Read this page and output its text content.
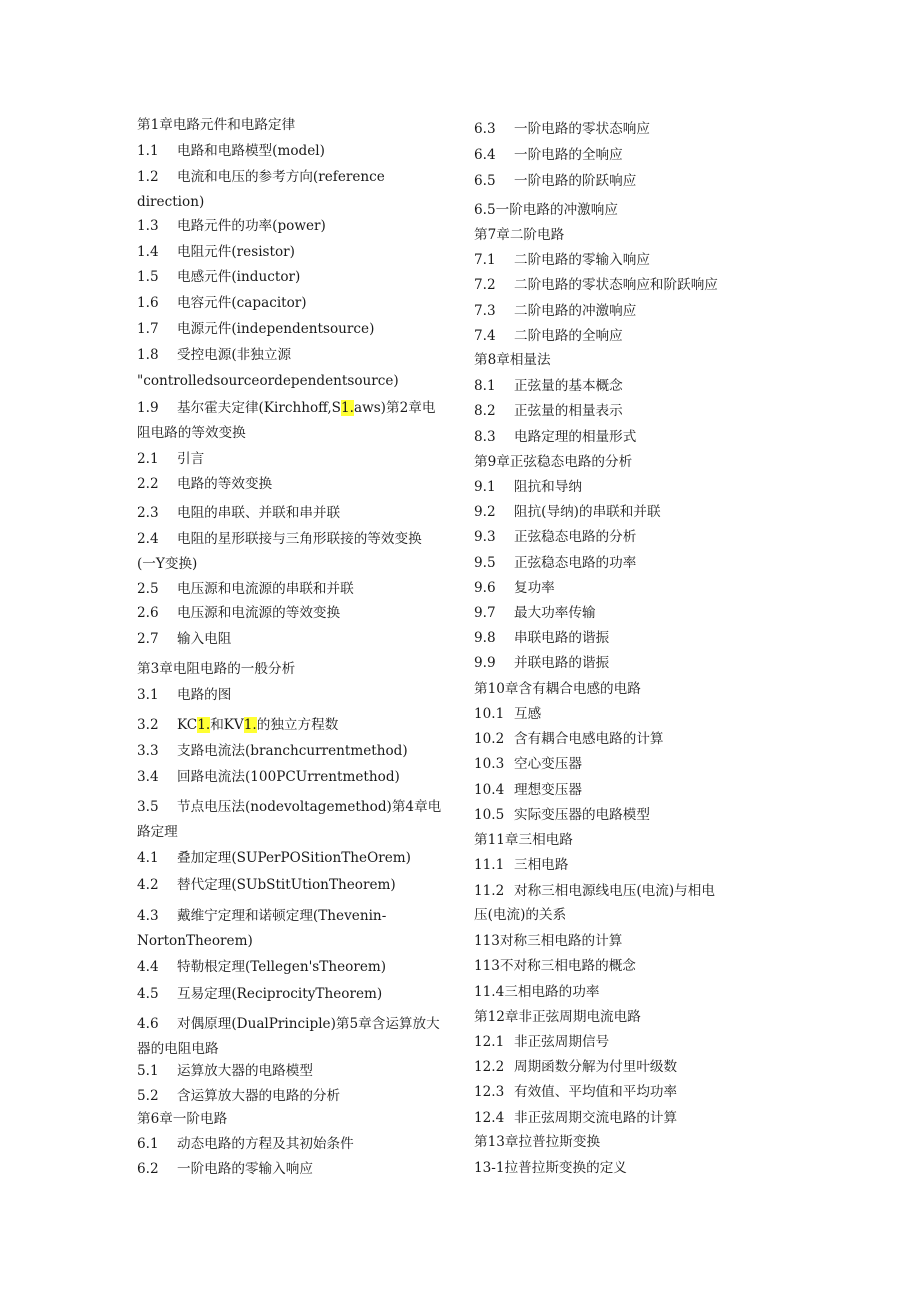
第1章电路元件和电路定律
1.1 电路和电路模型(model)
1.2 电流和电压的参考方向(reference
direction)
1.3 电路元件的功率(power)
1.4 电阻元件(resistor)
1.5 电感元件(inductor)
1.6 电容元件(capacitor)
1.7 电源元件(independentsource)
1.8 受控电源(非独立源
"controlledsourceordependentsource)
1.9 基尔霍夫定律(Kirchhoff,S1.aws)第2章电
阻电路的等效变换
2.1 引言
2.2 电路的等效变换
2.3 电阻的串联、并联和串并联
2.4 电阻的星形联接与三角形联接的等效变换
(一Y变换)
2.5 电压源和电流源的串联和并联
2.6 电压源和电流源的等效变换
2.7 输入电阻
第3章电阻电路的一般分析
3.1 电路的图
3.2 KC1.和KV1.的独立方程数
3.3 支路电流法(branchcurrentmethod)
3.4 回路电流法(100PCUrrentmethod)
3.5 节点电压法(nodevoltagemethod)第4章电
路定理
4.1 叠加定理(SUPerPOSitionTheOrem)
4.2 替代定理(SUbStitUtionTheorem)
4.3 戴维宁定理和诺顿定理(Thevenin-
NortonTheorem)
4.4 特勒根定理(Tellegen'sTheorem)
4.5 互易定理(ReciprocityTheorem)
4.6 对偶原理(DualPrinciple)第5章含运算放大
器的电阻电路
5.1 运算放大器的电路模型
5.2 含运算放大器的电路的分析
第6章一阶电路
6.1 动态电路的方程及其初始条件
6.2 一阶电路的零输入响应
6.3 一阶电路的零状态响应
6.4 一阶电路的全响应
6.5 一阶电路的阶跃响应
6.5一阶电路的冲激响应
第7章二阶电路
7.1 二阶电路的零输入响应
7.2 二阶电路的零状态响应和阶跃响应
7.3 二阶电路的冲激响应
7.4 二阶电路的全响应
第8章相量法
8.1 正弦量的基本概念
8.2 正弦量的相量表示
8.3 电路定理的相量形式
第9章正弦稳态电路的分析
9.1 阻抗和导纳
9.2 阻抗(导纳)的串联和并联
9.3 正弦稳态电路的分析
9.5 正弦稳态电路的功率
9.6 复功率
9.7 最大功率传输
9.8 串联电路的谐振
9.9 并联电路的谐振
第10章含有耦合电感的电路
10.1 互感
10.2 含有耦合电感电路的计算
10.3 空心变压器
10.4 理想变压器
10.5 实际变压器的电路模型
第11章三相电路
11.1 三相电路
11.2 对称三相电源线电压(电流)与相电
压(电流)的关系
113对称三相电路的计算
113不对称三相电路的概念
11.4三相电路的功率
第12章非正弦周期电流电路
12.1 非正弦周期信号
12.2 周期函数分解为付里叶级数
12.3 有效值、平均值和平均功率
12.4 非正弦周期交流电路的计算
第13章拉普拉斯变换
13-1拉普拉斯变换的定义
